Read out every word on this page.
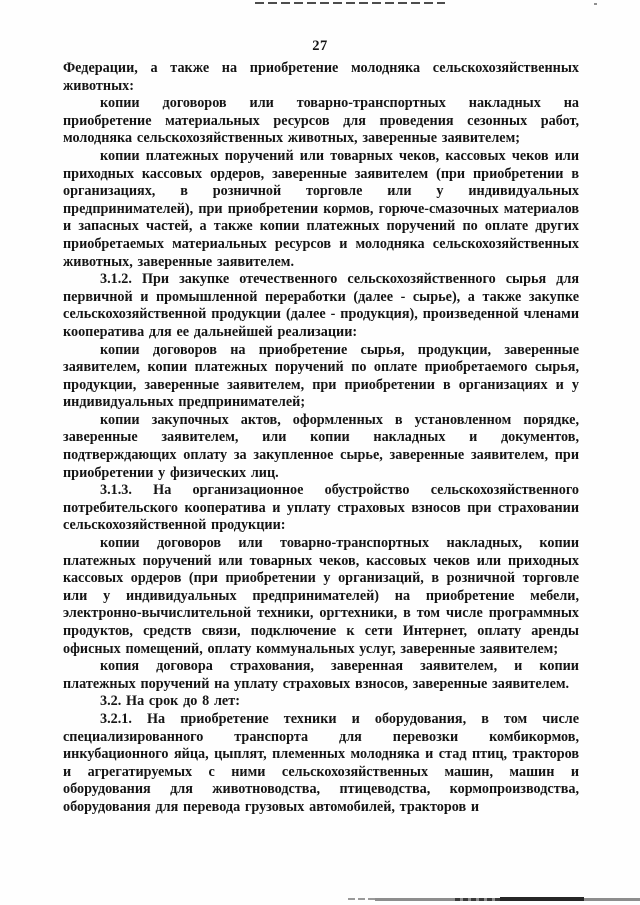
27

Федерации, а также на приобретение молодняка сельскохозяйственных животных:

копии договоров или товарно-транспортных накладных на приобретение материальных ресурсов для проведения сезонных работ, молодняка сельскохозяйственных животных, заверенные заявителем;

копии платежных поручений или товарных чеков, кассовых чеков или приходных кассовых ордеров, заверенные заявителем (при приобретении в организациях, в розничной торговле или у индивидуальных предпринимателей), при приобретении кормов, горюче-смазочных материалов и запасных частей, а также копии платежных поручений по оплате других приобретаемых материальных ресурсов и молодняка сельскохозяйственных животных, заверенные заявителем.

3.1.2. При закупке отечественного сельскохозяйственного сырья для первичной и промышленной переработки (далее - сырье), а также закупке сельскохозяйственной продукции (далее - продукция), произведенной членами кооператива для ее дальнейшей реализации:

копии договоров на приобретение сырья, продукции, заверенные заявителем, копии платежных поручений по оплате приобретаемого сырья, продукции, заверенные заявителем, при приобретении в организациях и у индивидуальных предпринимателей;

копии закупочных актов, оформленных в установленном порядке, заверенные заявителем, или копии накладных и документов, подтверждающих оплату за закупленное сырье, заверенные заявителем, при приобретении у физических лиц.

3.1.3. На организационное обустройство сельскохозяйственного потребительского кооператива и уплату страховых взносов при страховании сельскохозяйственной продукции:

копии договоров или товарно-транспортных накладных, копии платежных поручений или товарных чеков, кассовых чеков или приходных кассовых ордеров (при приобретении у организаций, в розничной торговле или у индивидуальных предпринимателей) на приобретение мебели, электронно-вычислительной техники, оргтехники, в том числе программных продуктов, средств связи, подключение к сети Интернет, оплату аренды офисных помещений, оплату коммунальных услуг, заверенные заявителем;

копия договора страхования, заверенная заявителем, и копии платежных поручений на уплату страховых взносов, заверенные заявителем.

3.2. На срок до 8 лет:

3.2.1. На приобретение техники и оборудования, в том числе специализированного транспорта для перевозки комбикормов, инкубационного яйца, цыплят, племенных молодняка и стад птиц, тракторов и агрегатируемых с ними сельскохозяйственных машин, машин и оборудования для животноводства, птицеводства, кормопроизводства, оборудования для перевода грузовых автомобилей, тракторов и
